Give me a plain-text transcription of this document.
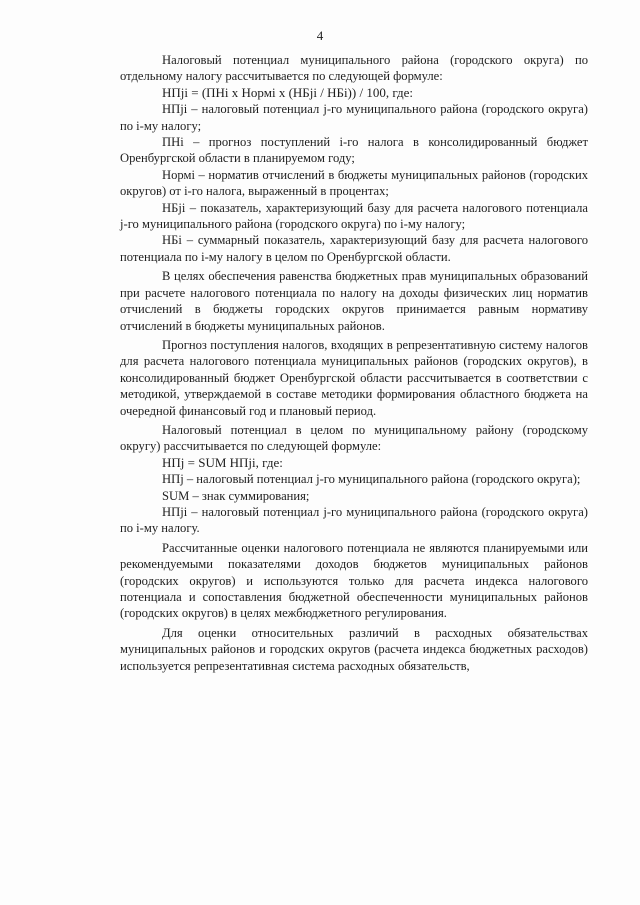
4

Налоговый потенциал муниципального района (городского округа) по отдельному налогу рассчитывается по следующей формуле:

НПji = (ПНi x Нормi x (НБji / НБi)) / 100, где:

НПji – налоговый потенциал j-го муниципального района (городского округа) по i-му налогу;

ПНi – прогноз поступлений i-го налога в консолидированный бюджет Оренбургской области в планируемом году;

Нормi – норматив отчислений в бюджеты муниципальных районов (городских округов) от i-го налога, выраженный в процентах;

НБji – показатель, характеризующий базу для расчета налогового потенциала j-го муниципального района (городского округа) по i-му налогу;

НБi – суммарный показатель, характеризующий базу для расчета налогового потенциала по i-му налогу в целом по Оренбургской области.

В целях обеспечения равенства бюджетных прав муниципальных образований при расчете налогового потенциала по налогу на доходы физических лиц норматив отчислений в бюджеты городских округов принимается равным нормативу отчислений в бюджеты муниципальных районов.

Прогноз поступления налогов, входящих в репрезентативную систему налогов для расчета налогового потенциала муниципальных районов (городских округов), в консолидированный бюджет Оренбургской области рассчитывается в соответствии с методикой, утверждаемой в составе методики формирования областного бюджета на очередной финансовый год и плановый период.

Налоговый потенциал в целом по муниципальному району (городскому округу) рассчитывается по следующей формуле:

НПj = SUM НПji, где:

НПj – налоговый потенциал j-го муниципального района (городского округа);

SUM – знак суммирования;

НПji – налоговый потенциал j-го муниципального района (городского округа) по i-му налогу.

Рассчитанные оценки налогового потенциала не являются планируемыми или рекомендуемыми показателями доходов бюджетов муниципальных районов (городских округов) и используются только для расчета индекса налогового потенциала и сопоставления бюджетной обеспеченности муниципальных районов (городских округов) в целях межбюджетного регулирования.

Для оценки относительных различий в расходных обязательствах муниципальных районов и городских округов (расчета индекса бюджетных расходов) используется репрезентативная система расходных обязательств,
